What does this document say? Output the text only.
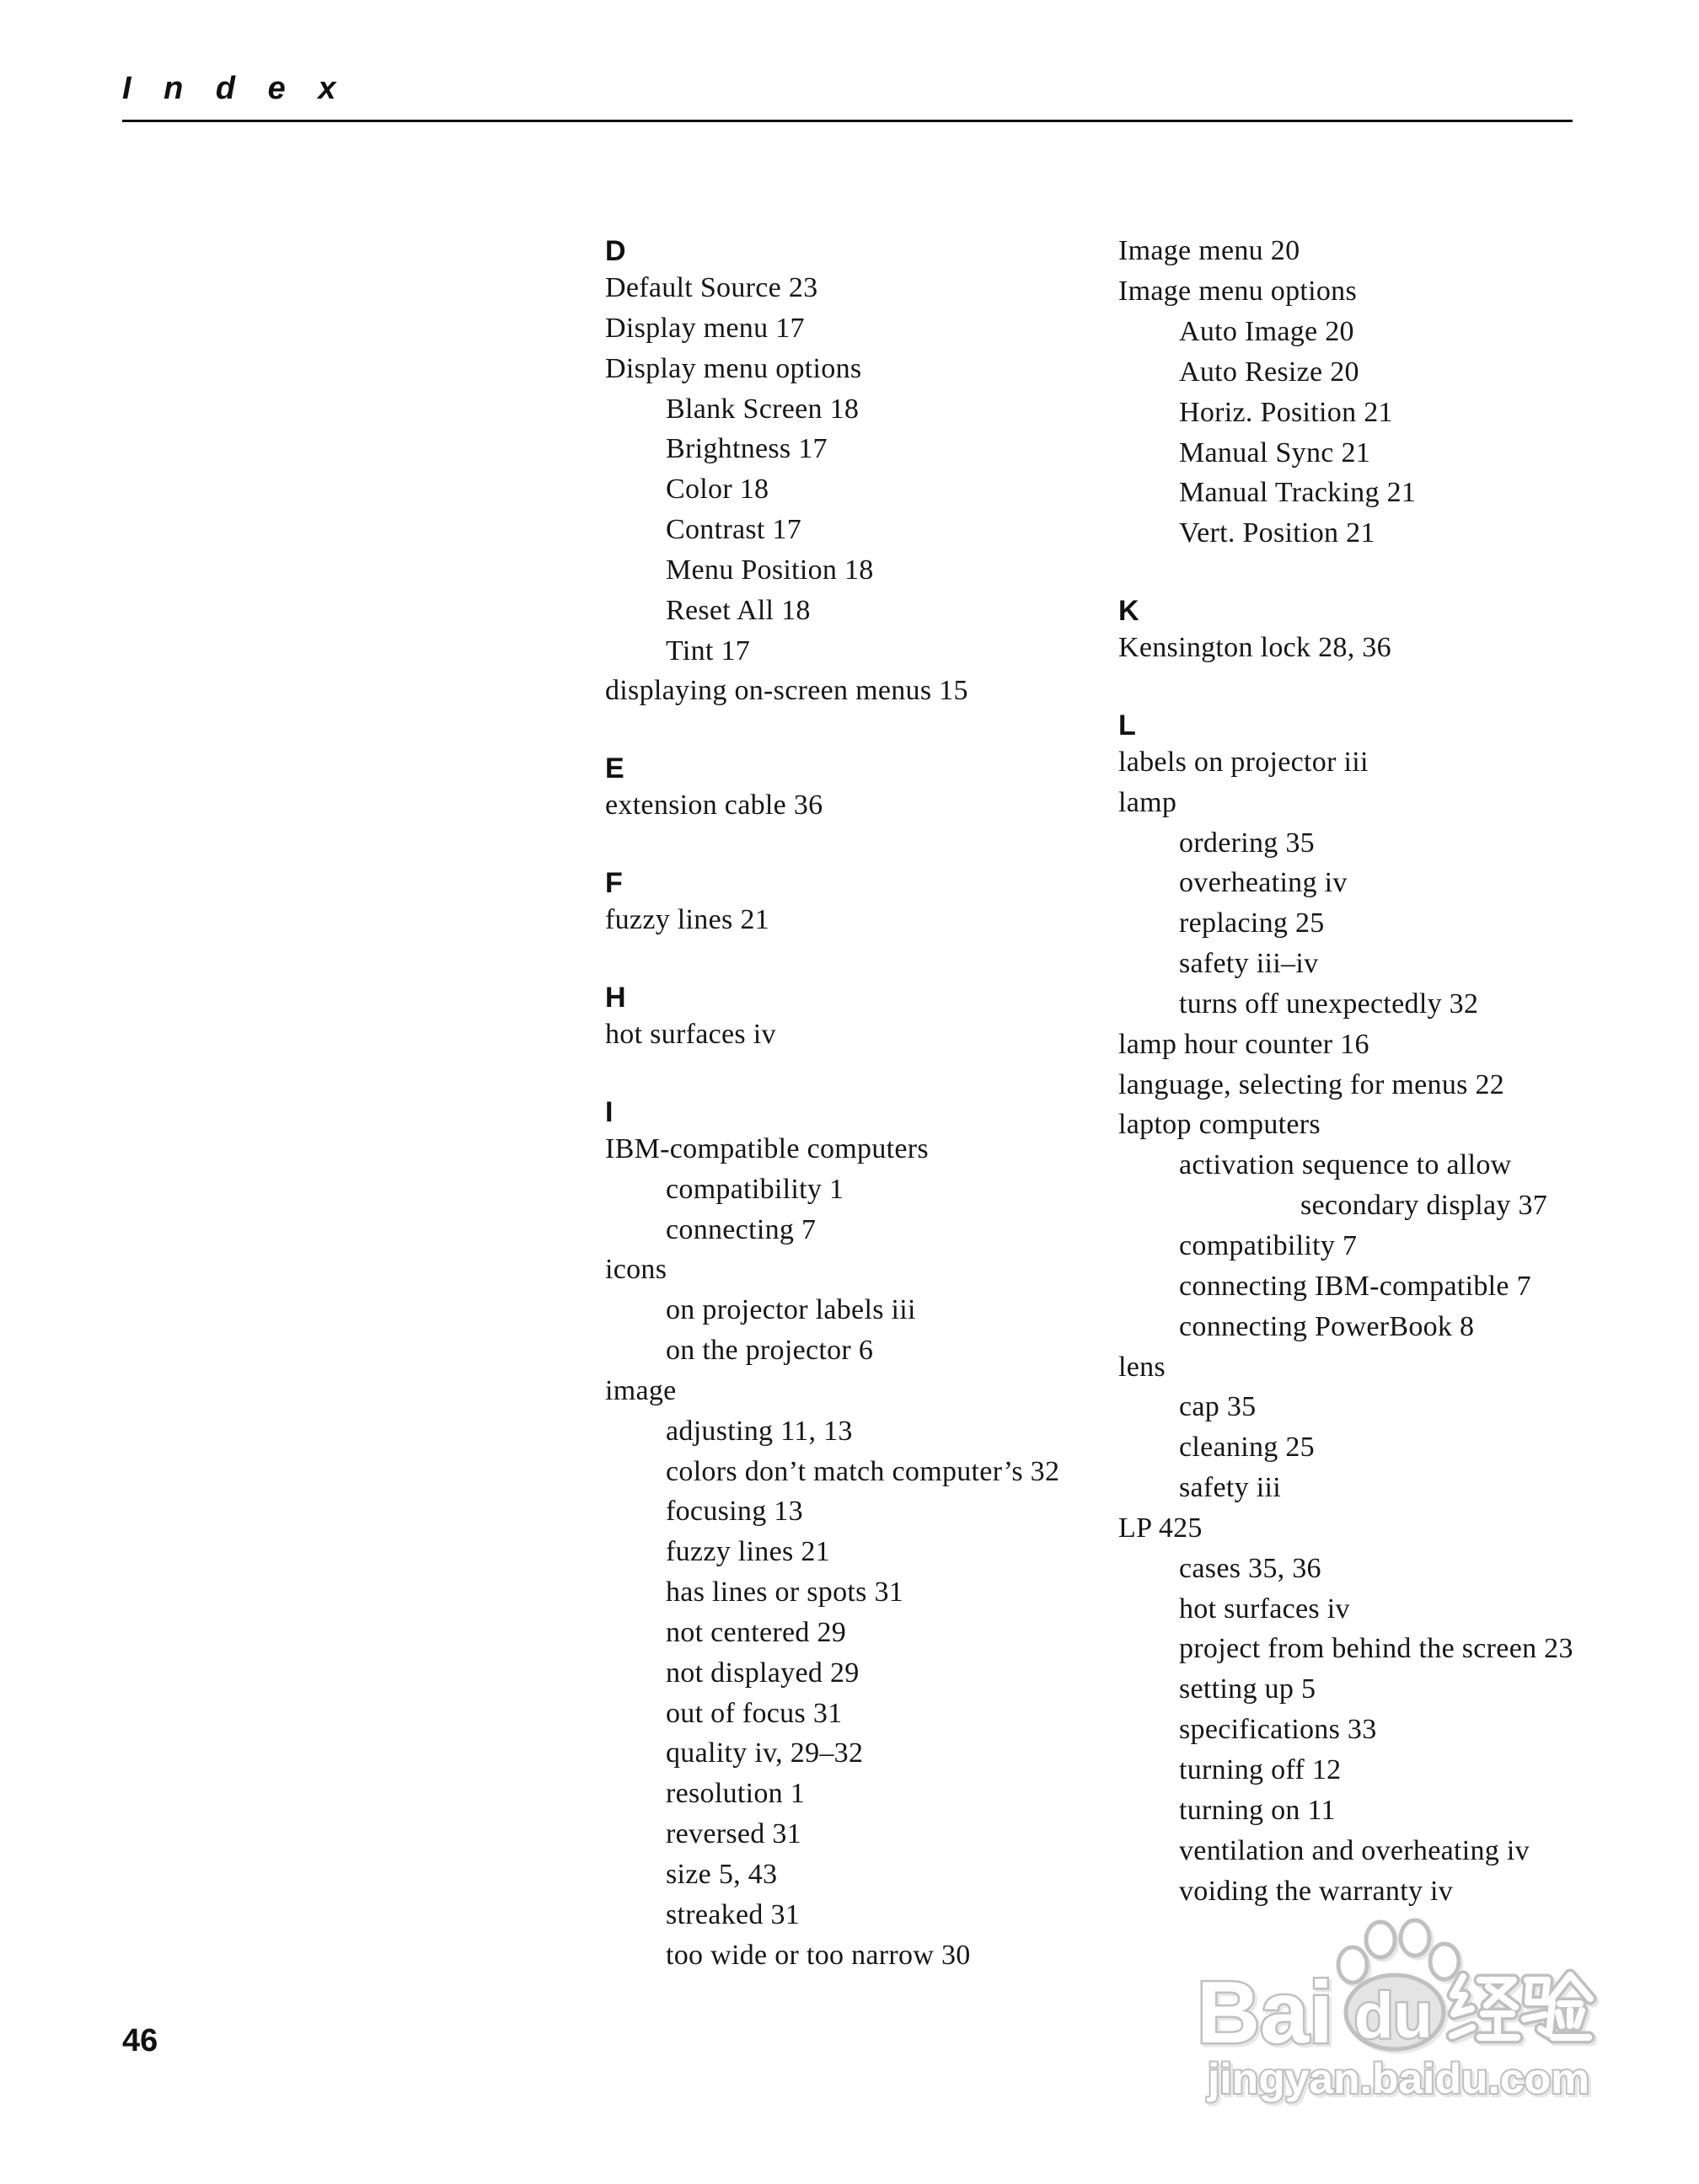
I n d e x
D
Default Source 23
Display menu 17
Display menu options
Blank Screen 18
Brightness 17
Color 18
Contrast 17
Menu Position 18
Reset All 18
Tint 17
displaying on-screen menus 15
E
extension cable 36
F
fuzzy lines 21
H
hot surfaces iv
I
IBM-compatible computers
compatibility 1
connecting 7
icons
on projector labels iii
on the projector 6
image
adjusting 11, 13
colors don’t match computer’s 32
focusing 13
fuzzy lines 21
has lines or spots 31
not centered 29
not displayed 29
out of focus 31
quality iv, 29–32
resolution 1
reversed 31
size 5, 43
streaked 31
too wide or too narrow 30
Image menu 20
Image menu options
Auto Image 20
Auto Resize 20
Horiz. Position 21
Manual Sync 21
Manual Tracking 21
Vert. Position 21
K
Kensington lock 28, 36
L
labels on projector iii
lamp
ordering 35
overheating iv
replacing 25
safety iii–iv
turns off unexpectedly 32
lamp hour counter 16
language, selecting for menus 22
laptop computers
activation sequence to allow
secondary display 37
compatibility 7
connecting IBM-compatible 7
connecting PowerBook 8
lens
cap 35
cleaning 25
safety iii
LP 425
cases 35, 36
hot surfaces iv
project from behind the screen 23
setting up 5
specifications 33
turning off 12
turning on 11
ventilation and overheating iv
voiding the warranty iv
46	Bai du
jingyan.baidu.com
